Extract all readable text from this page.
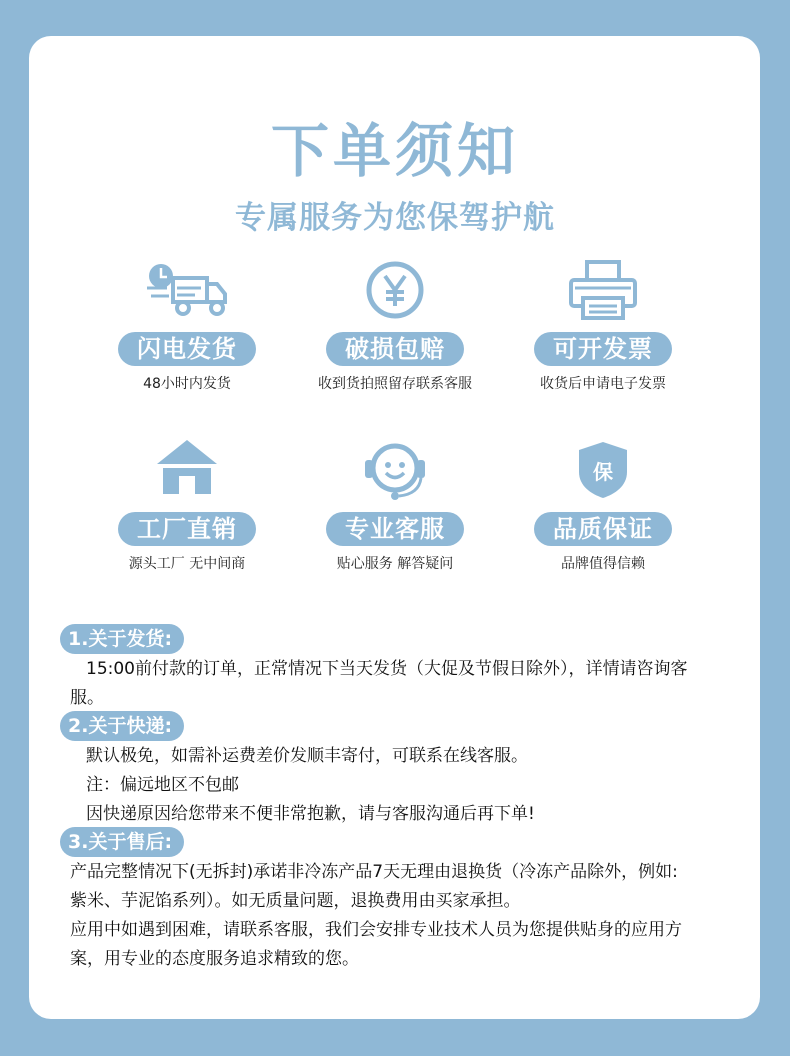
下单须知
专属服务为您保驾护航
闪电发货
48小时内发货
破损包赔
收到货拍照留存联系客服
可开发票
收货后申请电子发票
工厂直销
源头工厂 无中间商
专业客服
贴心服务 解答疑问
保
品质保证
品牌值得信赖
1.关于发货:
15:00前付款的订单，正常情况下当天发货（大促及节假日除外），详情请咨询客
服。
2.关于快递:
默认极免，如需补运费差价发顺丰寄付，可联系在线客服。
注：偏远地区不包邮
因快递原因给您带来不便非常抱歉，请与客服沟通后再下单!
3.关于售后:
产品完整情况下(无拆封)承诺非冷冻产品7天无理由退换货（冷冻产品除外，例如:
紫米、芋泥馅系列）。如无质量问题，退换费用由买家承担。
应用中如遇到困难，请联系客服，我们会安排专业技术人员为您提供贴身的应用方
案，用专业的态度服务追求精致的您。
